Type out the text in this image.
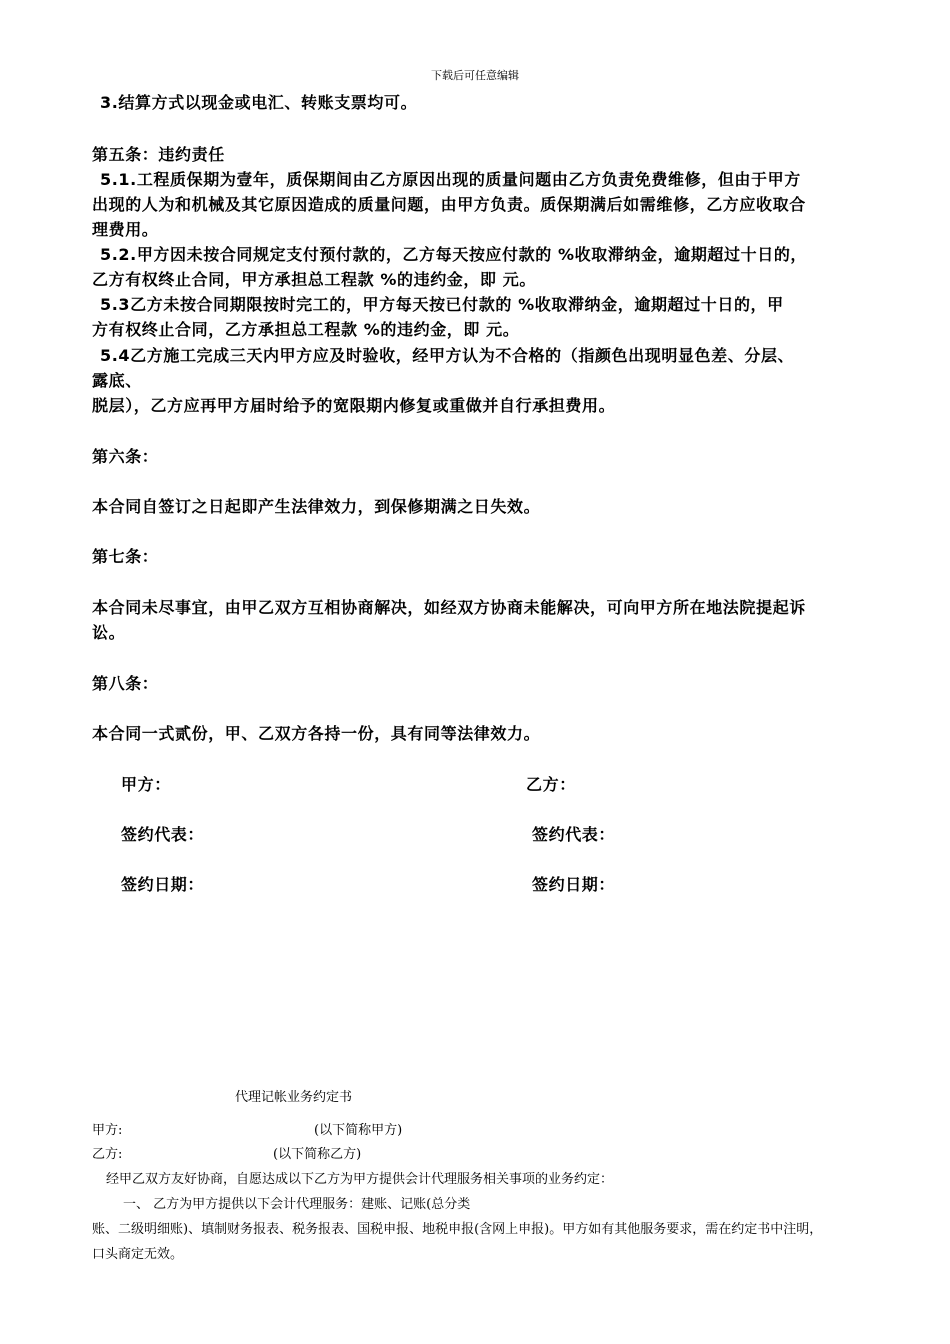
下载后可任意编辑
3.结算方式以现金或电汇、转账支票均可。
第五条：违约责任
5.1.工程质保期为壹年，质保期间由乙方原因出现的质量问题由乙方负责免费维修，但由于甲方
出现的人为和机械及其它原因造成的质量问题，由甲方负责。质保期满后如需维修，乙方应收取合
理费用。
5.2.甲方因未按合同规定支付预付款的，乙方每天按应付款的 %收取滞纳金，逾期超过十日的，
乙方有权终止合同，甲方承担总工程款 %的违约金，即 元。
5.3乙方未按合同期限按时完工的，甲方每天按已付款的 %收取滞纳金，逾期超过十日的，甲
方有权终止合同，乙方承担总工程款 %的违约金，即 元。
5.4乙方施工完成三天内甲方应及时验收，经甲方认为不合格的（指颜色出现明显色差、分层、
露底、
脱层），乙方应再甲方届时给予的宽限期内修复或重做并自行承担费用。
第六条：
本合同自签订之日起即产生法律效力，到保修期满之日失效。
第七条：
本合同未尽事宜，由甲乙双方互相协商解决，如经双方协商未能解决，可向甲方所在地法院提起诉
讼。
第八条：
本合同一式贰份，甲、乙双方各持一份，具有同等法律效力。
甲方：	乙方：
签约代表：	签约代表：
签约日期：	签约日期：
代理记帐业务约定书
甲方:	(以下简称甲方)
乙方:	(以下简称乙方)
经甲乙双方友好协商，自愿达成以下乙方为甲方提供会计代理服务相关事项的业务约定：
一、 乙方为甲方提供以下会计代理服务：建账、记账(总分类
账、二级明细账)、填制财务报表、税务报表、国税申报、地税申报(含网上申报)。甲方如有其他服务要求，需在约定书中注明，
口头商定无效。
